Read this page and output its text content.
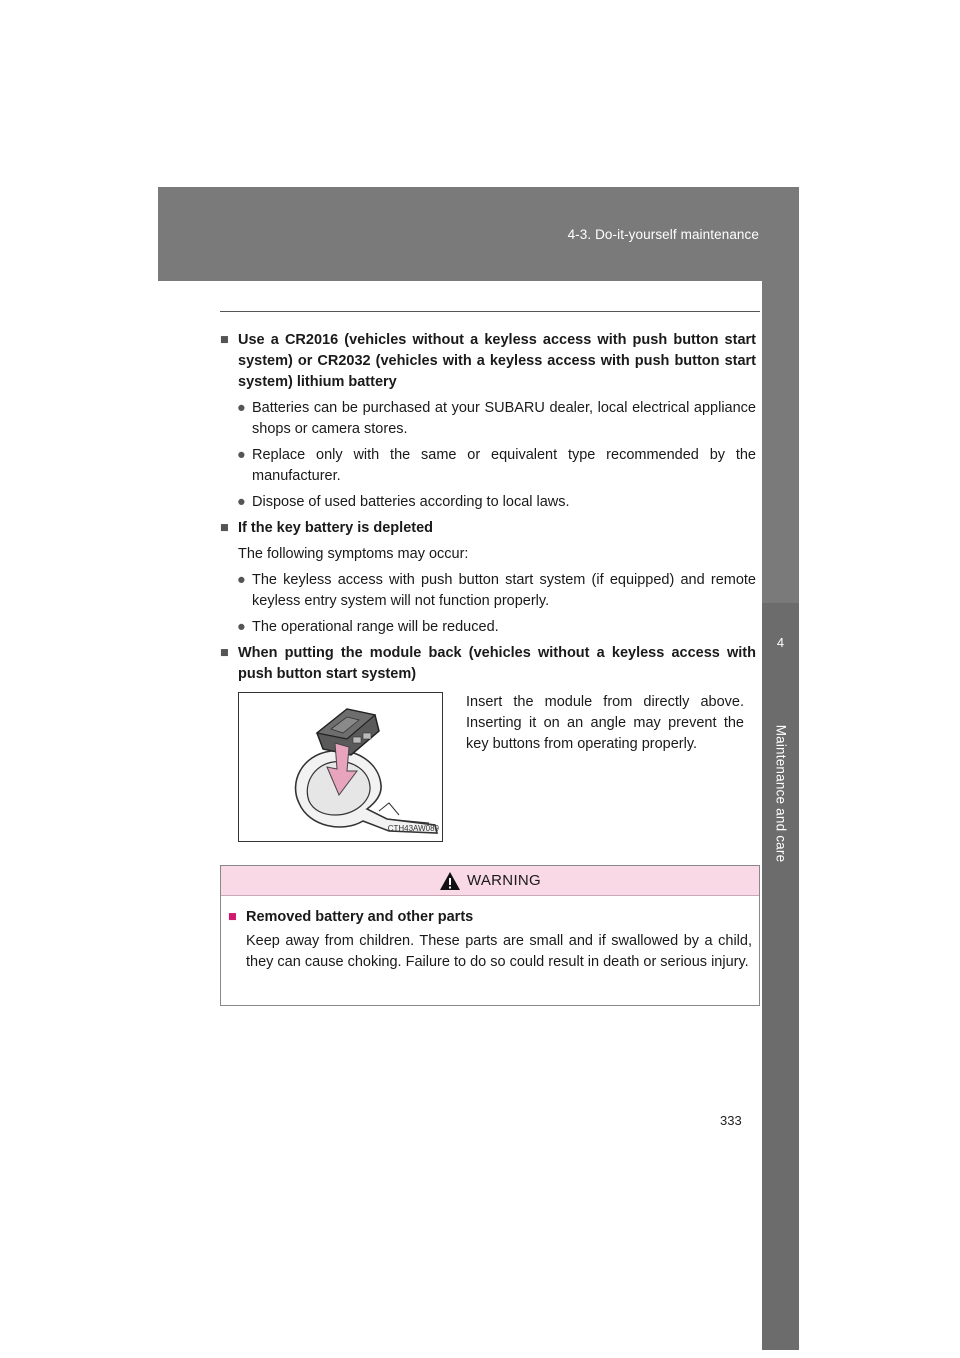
4-3. Do-it-yourself maintenance
4
Maintenance and care
■ Use a CR2016 (vehicles without a keyless access with push button start system) or CR2032 (vehicles with a keyless access with push button start system) lithium battery
● Batteries can be purchased at your SUBARU dealer, local electrical appliance shops or camera stores.
● Replace only with the same or equivalent type recommended by the manufacturer.
● Dispose of used batteries according to local laws.
■ If the key battery is depleted
The following symptoms may occur:
● The keyless access with push button start system (if equipped) and remote keyless entry system will not function properly.
● The operational range will be reduced.
■ When putting the module back (vehicles without a keyless access with push button start system)
CTH43AW089
Insert the module from directly above. Inserting it on an angle may prevent the key buttons from operating properly.
WARNING
■ Removed battery and other parts
Keep away from children. These parts are small and if swallowed by a child, they can cause choking. Failure to do so could result in death or serious injury.
333
